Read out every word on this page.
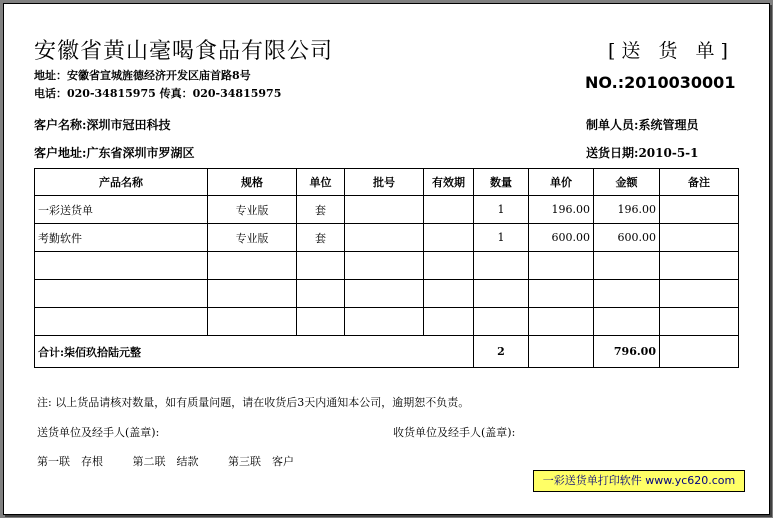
安徽省黄山毫喝食品有限公司	[送 货 单]
地址：安徽省宣城旌德经济开发区庙首路8号
电话：020-34815975 传真：020-34815975
NO.:2010030001
客户名称:深圳市冠田科技	制单人员:系统管理员
客户地址:广东省深圳市罗湖区	送货日期:2010-5-1
产品名称	规格	单位	批号	有效期	数量	单价	金额	备注
一彩送货单	专业版	套			1	196.00	196.00	
考勤软件	专业版	套			1	600.00	600.00	

合计:柒佰玖拾陆元整					2		796.00	
注: 以上货品请核对数量，如有质量问题，请在收货后3天内通知本公司，逾期恕不负责。
送货单位及经手人(盖章):	收货单位及经手人(盖章):
第一联　存根	第二联　结款	第三联　客户
一彩送货单打印软件 www.yc620.com
